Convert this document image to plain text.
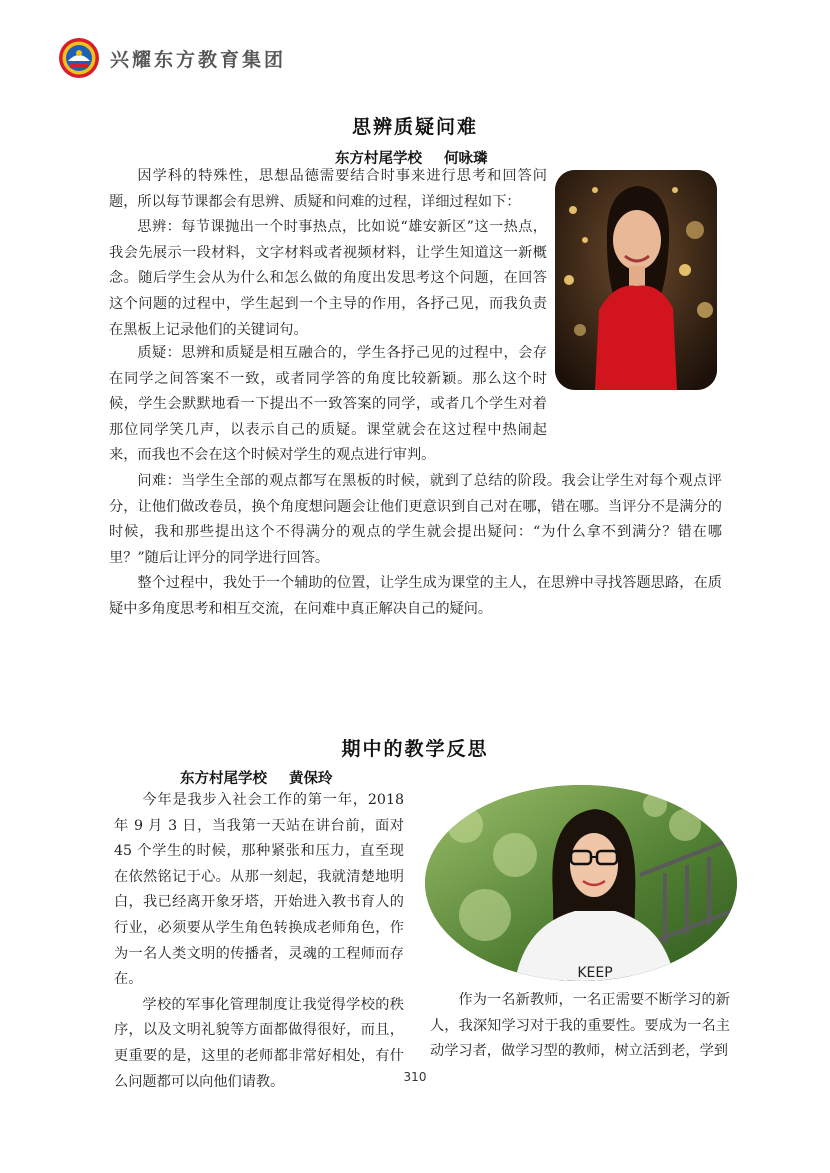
兴耀东方教育集团
思辨质疑问难
东方村尾学校 何咏璘

因学科的特殊性，思想品德需要结合时事来进行思考和回答问题，所以每节课都会有思辨、质疑和问难的过程，详细过程如下：

思辨：每节课抛出一个时事热点，比如说“雄安新区”这一热点，我会先展示一段材料，文字材料或者视频材料，让学生知道这一新概念。随后学生会从为什么和怎么做的角度出发思考这个问题，在回答这个问题的过程中，学生起到一个主导的作用，各抒己见，而我负责在黑板上记录他们的关键词句。

质疑：思辨和质疑是相互融合的，学生各抒己见的过程中，会存在同学之间答案不一致，或者同学答的角度比较新颖。那么这个时候，学生会默默地看一下提出不一致答案的同学，或者几个学生对着那位同学笑几声，以表示自己的质疑。课堂就会在这过程中热闹起来，而我也不会在这个时候对学生的观点进行审判。

问难：当学生全部的观点都写在黑板的时候，就到了总结的阶段。我会让学生对每个观点评分，让他们做改卷员，换个角度想问题会让他们更意识到自己对在哪，错在哪。当评分不是满分的时候，我和那些提出这个不得满分的观点的学生就会提出疑问：“为什么拿不到满分？错在哪里？”随后让评分的同学进行回答。

整个过程中，我处于一个辅助的位置，让学生成为课堂的主人，在思辨中寻找答题思路，在质疑中多角度思考和相互交流，在问难中真正解决自己的疑问。

期中的教学反思
东方村尾学校 黄保玲

今年是我步入社会工作的第一年，2018 年 9 月 3 日，当我第一天站在讲台前，面对 45 个学生的时候，那种紧张和压力，直至现在依然铭记于心。从那一刻起，我就清楚地明白，我已经离开象牙塔，开始进入教书育人的行业，必须要从学生角色转换成老师角色，作为一名人类文明的传播者，灵魂的工程师而存在。

学校的军事化管理制度让我觉得学校的秩序，以及文明礼貌等方面都做得很好，而且，更重要的是，这里的老师都非常好相处，有什么问题都可以向他们请教。

KEEP

作为一名新教师，一名正需要不断学习的新人，我深知学习对于我的重要性。要成为一名主动学习者，做学习型的教师，树立活到老，学到

310
